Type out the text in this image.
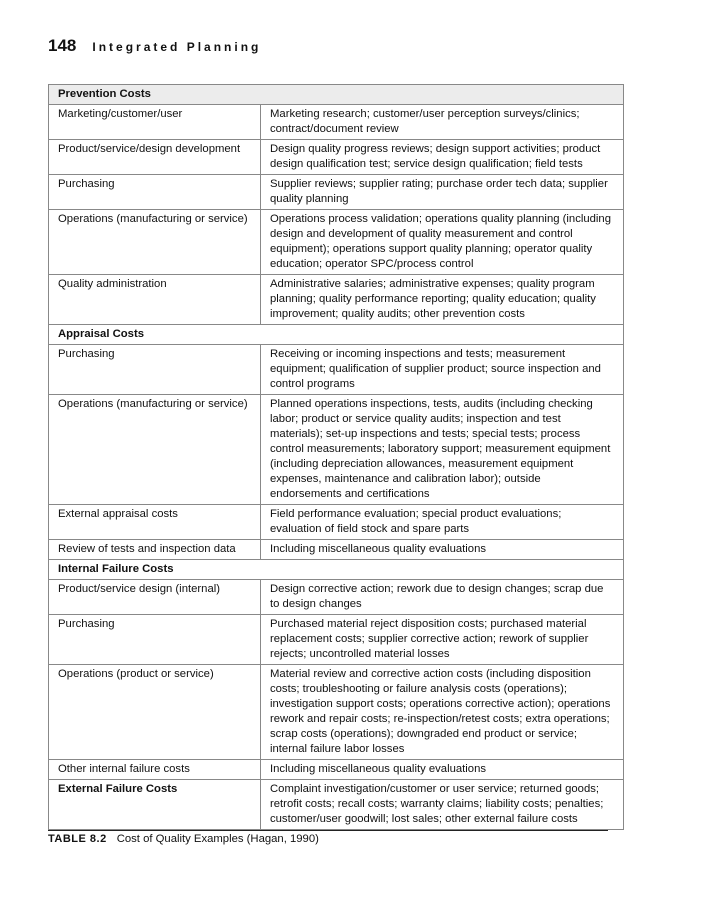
148 Integrated Planning
Prevention Costs	
Marketing/customer/user	Marketing research; customer/user perception surveys/clinics; contract/document review
Product/service/design development	Design quality progress reviews; design support activities; product design qualification test; service design qualification; field tests
Purchasing	Supplier reviews; supplier rating; purchase order tech data; supplier quality planning
Operations (manufacturing or service)	Operations process validation; operations quality planning (including design and development of quality measurement and control equipment); operations support quality planning; operator quality education; operator SPC/process control
Quality administration	Administrative salaries; administrative expenses; quality program planning; quality performance reporting; quality education; quality improvement; quality audits; other prevention costs
Appraisal Costs	
Purchasing	Receiving or incoming inspections and tests; measurement equipment; qualification of supplier product; source inspection and control programs
Operations (manufacturing or service)	Planned operations inspections, tests, audits (including checking labor; product or service quality audits; inspection and test materials); set-up inspections and tests; special tests; process control measurements; laboratory support; measurement equipment (including depreciation allowances, measurement equipment expenses, maintenance and calibration labor); outside endorsements and certifications
External appraisal costs	Field performance evaluation; special product evaluations; evaluation of field stock and spare parts
Review of tests and inspection data	Including miscellaneous quality evaluations
Internal Failure Costs	
Product/service design (internal)	Design corrective action; rework due to design changes; scrap due to design changes
Purchasing	Purchased material reject disposition costs; purchased material replacement costs; supplier corrective action; rework of supplier rejects; uncontrolled material losses
Operations (product or service)	Material review and corrective action costs (including disposition costs; troubleshooting or failure analysis costs (operations); investigation support costs; operations corrective action); operations rework and repair costs; re-inspection/retest costs; extra operations; scrap costs (operations); downgraded end product or service; internal failure labor losses
Other internal failure costs	Including miscellaneous quality evaluations
External Failure Costs	Complaint investigation/customer or user service; returned goods; retrofit costs; recall costs; warranty claims; liability costs; penalties; customer/user goodwill; lost sales; other external failure costs
TABLE 8.2 Cost of Quality Examples (Hagan, 1990)
